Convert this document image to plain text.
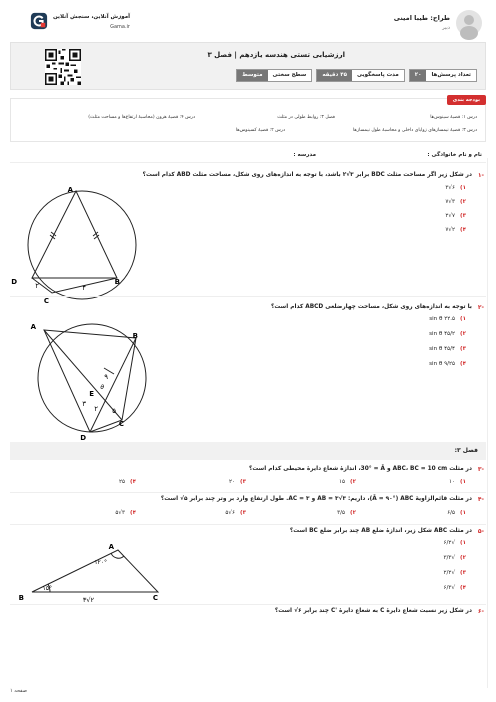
طراح: طیبا امینی
دبیر
آموزش آنلاین، سنجش آنلاین
Gama.ir
ارزشیابی تستی هندسه یازدهم | فصل ۳
تعداد پرسش‌ها
۲۰
مدت پاسخگویی
۴۵ دقیقه
سطح سختی
متوسط
بودجه بندی
درس ۱: قضیهٔ سینوس‌ها
فصل ۳: روابط طولی در مثلث
درس ۴: قضیهٔ هرون (محاسبهٔ ارتفاع‌ها و مساحت مثلث)
درس ۳: قضیهٔ نیمسازهای زوایای داخلی و محاسبهٔ طول نیمسازها
درس ۲: قضیهٔ کسینوس‌ها
نام و نام خانوادگی :
مدرسه :
-۱
در شکل زیر اگر مساحت مثلث BDC برابر ۳√۲ باشد، با توجه به اندازه‌های روی شکل، مساحت مثلث ABD کدام است؟
۱)۶√۳
۲)۳√۷
۳)۷√۲
۴)۲√۷
A
D
C
B
۲	۴
-۲
با توجه به اندازه‌های روی شکل، مساحت چهارضلعی ABCD کدام است؟
۱)۲۲.۵ sin θ
۲)۴۵/۲ sin θ
۳)۴۵/۴ sin θ
۴)۹/۲۵ sin θ
A
B
C
D
E
۹
۵
۲
۳
θ
فصل ۳:
-۳
در مثلث ABC، ‎BC = 10 cm‎ و ‎30° = Â‎، اندازهٔ شعاع دایرهٔ محیطی کدام است؟
۱)۱۰
۲)۱۵
۳)۲۰
۴)۲۵
-۴
در مثلث قائم‌الزاویهٔ ABC ‏(Â = ۹۰°)، داریم: ۳√۳ = AB و ۳ = AC. طول ارتفاع وارد بر وتر چند برابر ۵√ است؟
۱)۶/۵
۲)۳/۵
۳)۶√۵
۴)۳√۵
-۵
در مثلث ABC شکل زیر، اندازهٔ ضلع AB چند برابر ضلع BC است؟
۱)√۶/۲
۲)√۳/۳
۳)√۲/۲
۴)√۶/۳
A
B	C
۱۲۰°
۱۵°
۲√۳
-۶
در شکل زیر نسبت شعاع دایرهٔ C به شعاع دایرهٔ 'C چند برابر ۶√ است؟
صفحه ۱
